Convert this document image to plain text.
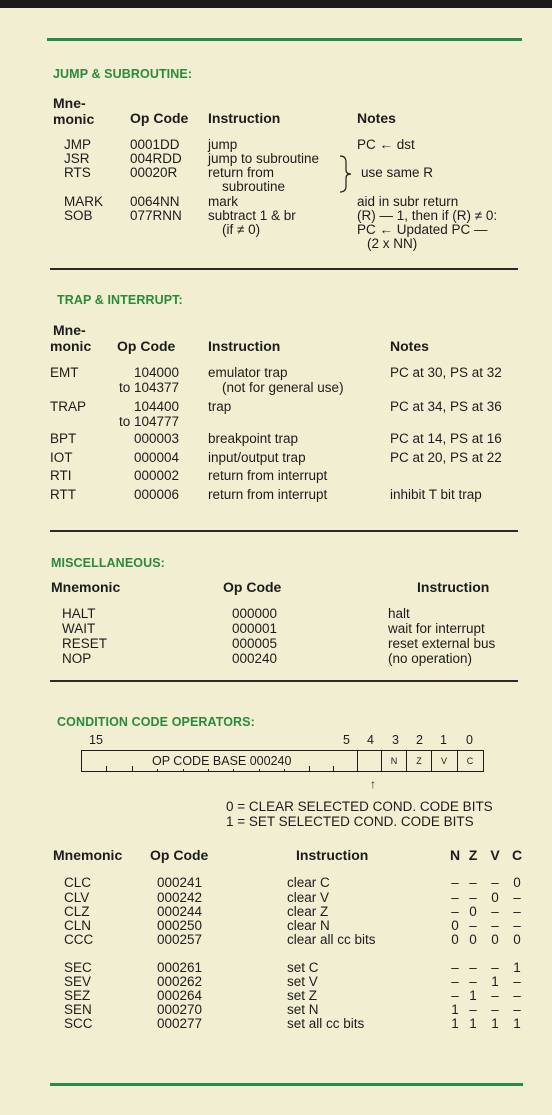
JUMP & SUBROUTINE:
Mne-
monic	Op Code Instruction	Notes
JMP	0001DD jump	PC ← dst
JSR	004RDD jump to subroutine
RTS	00020R return from	use same R
subroutine
MARK 0064NN mark	aid in subr return
SOB	077RNN subtract 1 & br	(R) — 1, then if (R) ≠ 0:
(if ≠ 0)	PC ← Updated PC —
(2 x NN)
TRAP & INTERRUPT:
Mne-
monic Op Code Instruction	Notes
EMT	104000 emulator trap	PC at 30, PS at 32
to 104377	(not for general use)
TRAP	104400 trap	PC at 34, PS at 36
to 104777
BPT	000003 breakpoint trap	PC at 14, PS at 16
IOT	000004 input/output trap	PC at 20, PS at 22
RTI	000002 return from interrupt
RTT	000006 return from interrupt	inhibit T bit trap
MISCELLANEOUS:
Mnemonic	Op Code	Instruction
HALT	000000	halt
WAIT	000001	wait for interrupt
RESET	000005	reset external bus
NOP	000240	(no operation)
CONDITION CODE OPERATORS:
15	5 4 3 2 1 0
OP CODE BASE 000240	N	Z	V	C
↑
0 = CLEAR SELECTED COND. CODE BITS
1 = SET SELECTED COND. CODE BITS
Mnemonic Op Code	Instruction	N Z V C
CLC	000241	clear C	– – – 0
CLV	000242	clear V	– – 0 –
CLZ	000244	clear Z	– 0 – –
CLN	000250	clear N	0 – – –
CCC	000257	clear all cc bits	0 0 0 0
SEC	000261	set C	– – – 1
SEV	000262	set V	– – 1 –
SEZ	000264	set Z	– 1 – –
SEN	000270	set N	1 – – –
SCC	000277	set all cc bits	1 1 1 1
